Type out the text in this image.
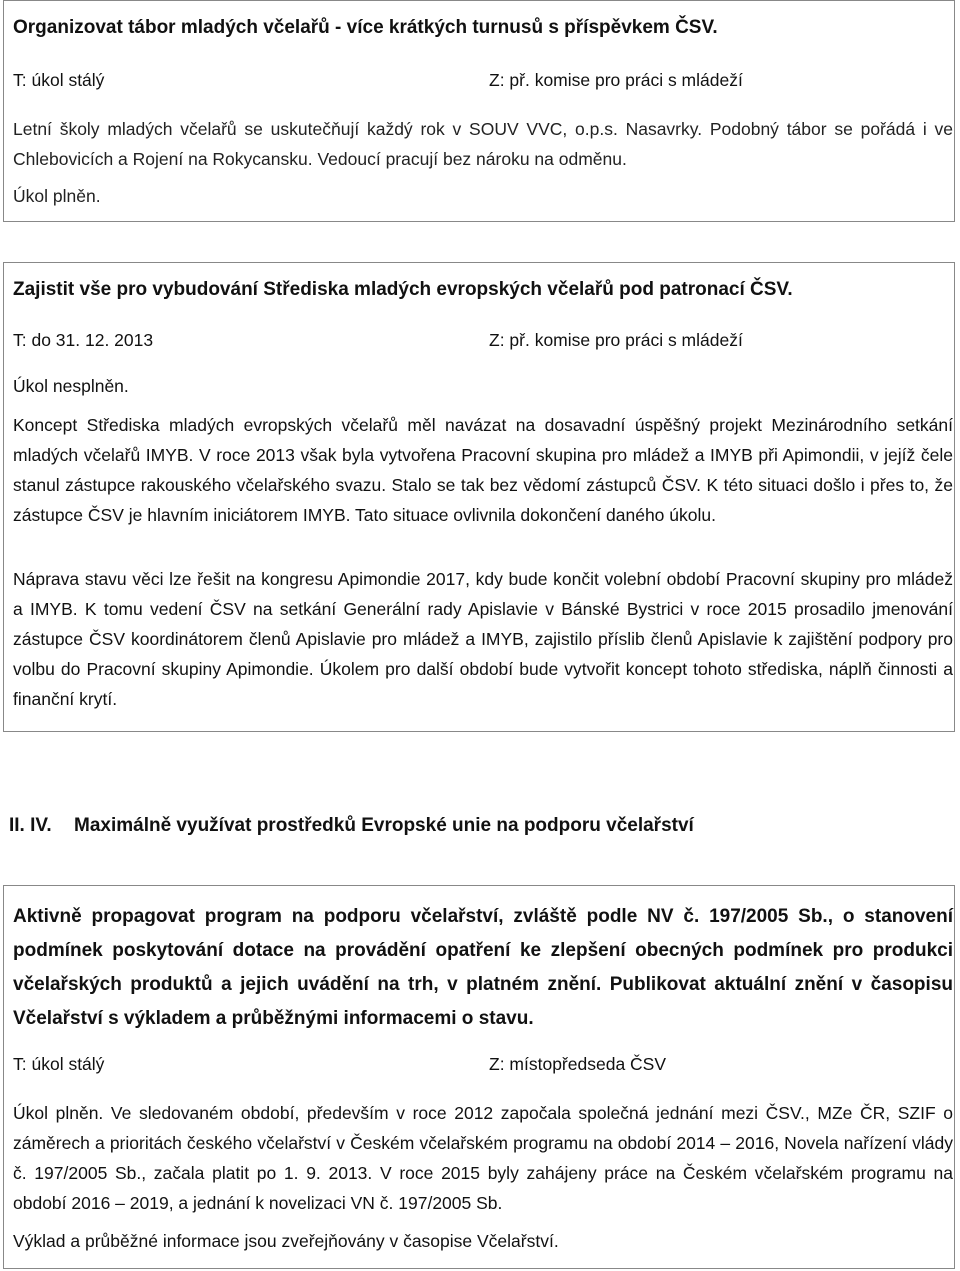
Organizovat tábor mladých včelařů - více krátkých turnusů s příspěvkem ČSV.
T: úkol stálý	Z: př. komise pro práci s mládeží
Letní školy mladých včelařů se uskutečňují každý rok v SOUV VVC, o.p.s. Nasavrky. Podobný tábor se pořádá i ve Chlebovicích a Rojení na Rokycansku. Vedoucí pracují bez nároku na odměnu.
Úkol plněn.
Zajistit vše pro vybudování Střediska mladých evropských včelařů pod patronací ČSV.
T: do 31. 12. 2013	Z: př. komise pro práci s mládeží
Úkol nesplněn.
Koncept Střediska mladých evropských včelařů měl navázat na dosavadní úspěšný projekt Mezinárodního setkání mladých včelařů IMYB. V roce 2013 však byla vytvořena Pracovní skupina pro mládež a IMYB při Apimondii, v jejíž čele stanul zástupce rakouského včelařského svazu. Stalo se tak bez vědomí zástupců ČSV. K této situaci došlo i přes to, že zástupce ČSV je hlavním iniciátorem IMYB. Tato situace ovlivnila dokončení daného úkolu.
Náprava stavu věci lze řešit na kongresu Apimondie 2017, kdy bude končit volební období Pracovní skupiny pro mládež a IMYB. K tomu vedení ČSV na setkání Generální rady Apislavie v Bánské Bystrici v roce 2015 prosadilo jmenování zástupce ČSV koordinátorem členů Apislavie pro mládež a IMYB, zajistilo příslib členů Apislavie k zajištění podpory pro volbu do Pracovní skupiny Apimondie. Úkolem pro další období bude vytvořit koncept tohoto střediska, náplň činnosti a finanční krytí.
II. IV. Maximálně využívat prostředků Evropské unie na podporu včelařství
Aktivně propagovat program na podporu včelařství, zvláště podle NV č. 197/2005 Sb., o stanovení podmínek poskytování dotace na provádění opatření ke zlepšení obecných podmínek pro produkci včelařských produktů a jejich uvádění na trh, v platném znění. Publikovat aktuální znění v časopisu Včelařství s výkladem a průběžnými informacemi o stavu.
T: úkol stálý	Z: místopředseda ČSV
Úkol plněn. Ve sledovaném období, především v roce 2012 započala společná jednání mezi ČSV., MZe ČR, SZIF o záměrech a prioritách českého včelařství v Českém včelařském programu na období 2014 – 2016, Novela nařízení vlády č. 197/2005 Sb., začala platit po 1. 9. 2013. V roce 2015 byly zahájeny práce na Českém včelařském programu na období 2016 – 2019, a jednání k novelizaci VN č. 197/2005 Sb.
Výklad a průběžné informace jsou zveřejňovány v časopise Včelařství.
